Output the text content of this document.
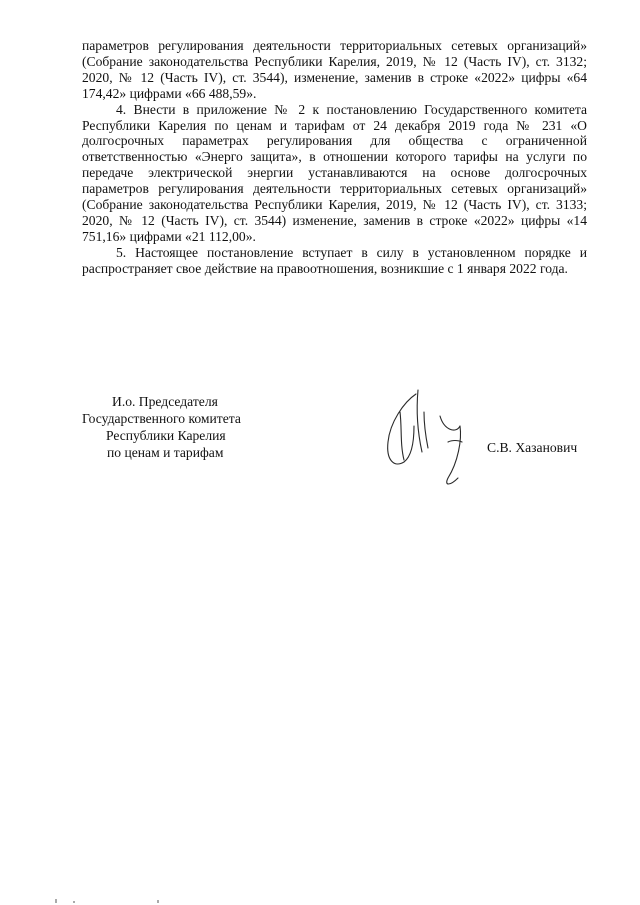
параметров регулирования деятельности территориальных сетевых организаций» (Собрание законодательства Республики Карелия, 2019, № 12 (Часть IV), ст. 3132; 2020, № 12 (Часть IV), ст. 3544), изменение, заменив в строке «2022» цифры «64 174,42» цифрами «66 488,59».

4. Внести в приложение № 2 к постановлению Государственного комитета Республики Карелия по ценам и тарифам от 24 декабря 2019 года № 231 «О долгосрочных параметрах регулирования для общества с ограниченной ответственностью «Энерго защита», в отношении которого тарифы на услуги по передаче электрической энергии устанавливаются на основе долгосрочных параметров регулирования деятельности территориальных сетевых организаций» (Собрание законодательства Республики Карелия, 2019, № 12 (Часть IV), ст. 3133; 2020, № 12 (Часть IV), ст. 3544) изменение, заменив в строке «2022» цифры «14 751,16» цифрами «21 112,00».

5. Настоящее постановление вступает в силу в установленном порядке и распространяет свое действие на правоотношения, возникшие с 1 января 2022 года.

И.о. Председателя
Государственного комитета
Республики Карелия
по ценам и тарифам	С.В. Хазанович
